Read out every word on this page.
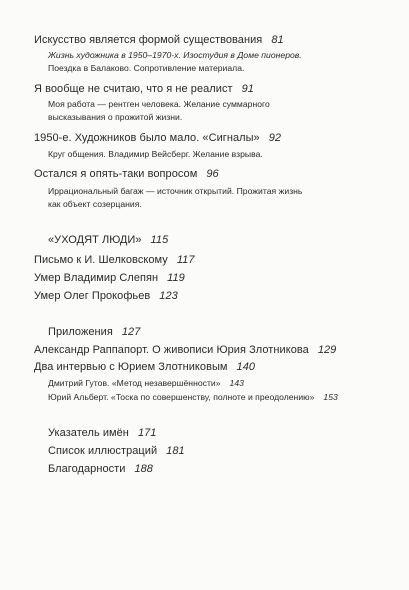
Искусство является формой существования 81
Жизнь художника в 1950–1970-х. Изостудия в Доме пионеров.
Поездка в Балаково. Сопротивление материала.
Я вообще не считаю, что я не реалист 91
Моя работа — рентген человека. Желание суммарного
высказывания о прожитой жизни.
1950-е. Художников было мало. «Сигналы» 92
Круг общения. Владимир Вейсберг. Желание взрыва.
Остался я опять-таки вопросом 96
Иррациональный багаж — источник открытий. Прожитая жизнь
как объект созерцания.
«УХОДЯТ ЛЮДИ» 115
Письмо к И. Шелковскому 117
Умер Владимир Слепян 119
Умер Олег Прокофьев 123
Приложения 127
Александр Раппапорт. О живописи Юрия Злотникова 129
Два интервью с Юрием Злотниковым 140
Дмитрий Гутов. «Метод незавершённости» 143
Юрий Альберт. «Тоска по совершенству, полноте и преодолению» 153
Указатель имён 171
Список иллюстраций 181
Благодарности 188
